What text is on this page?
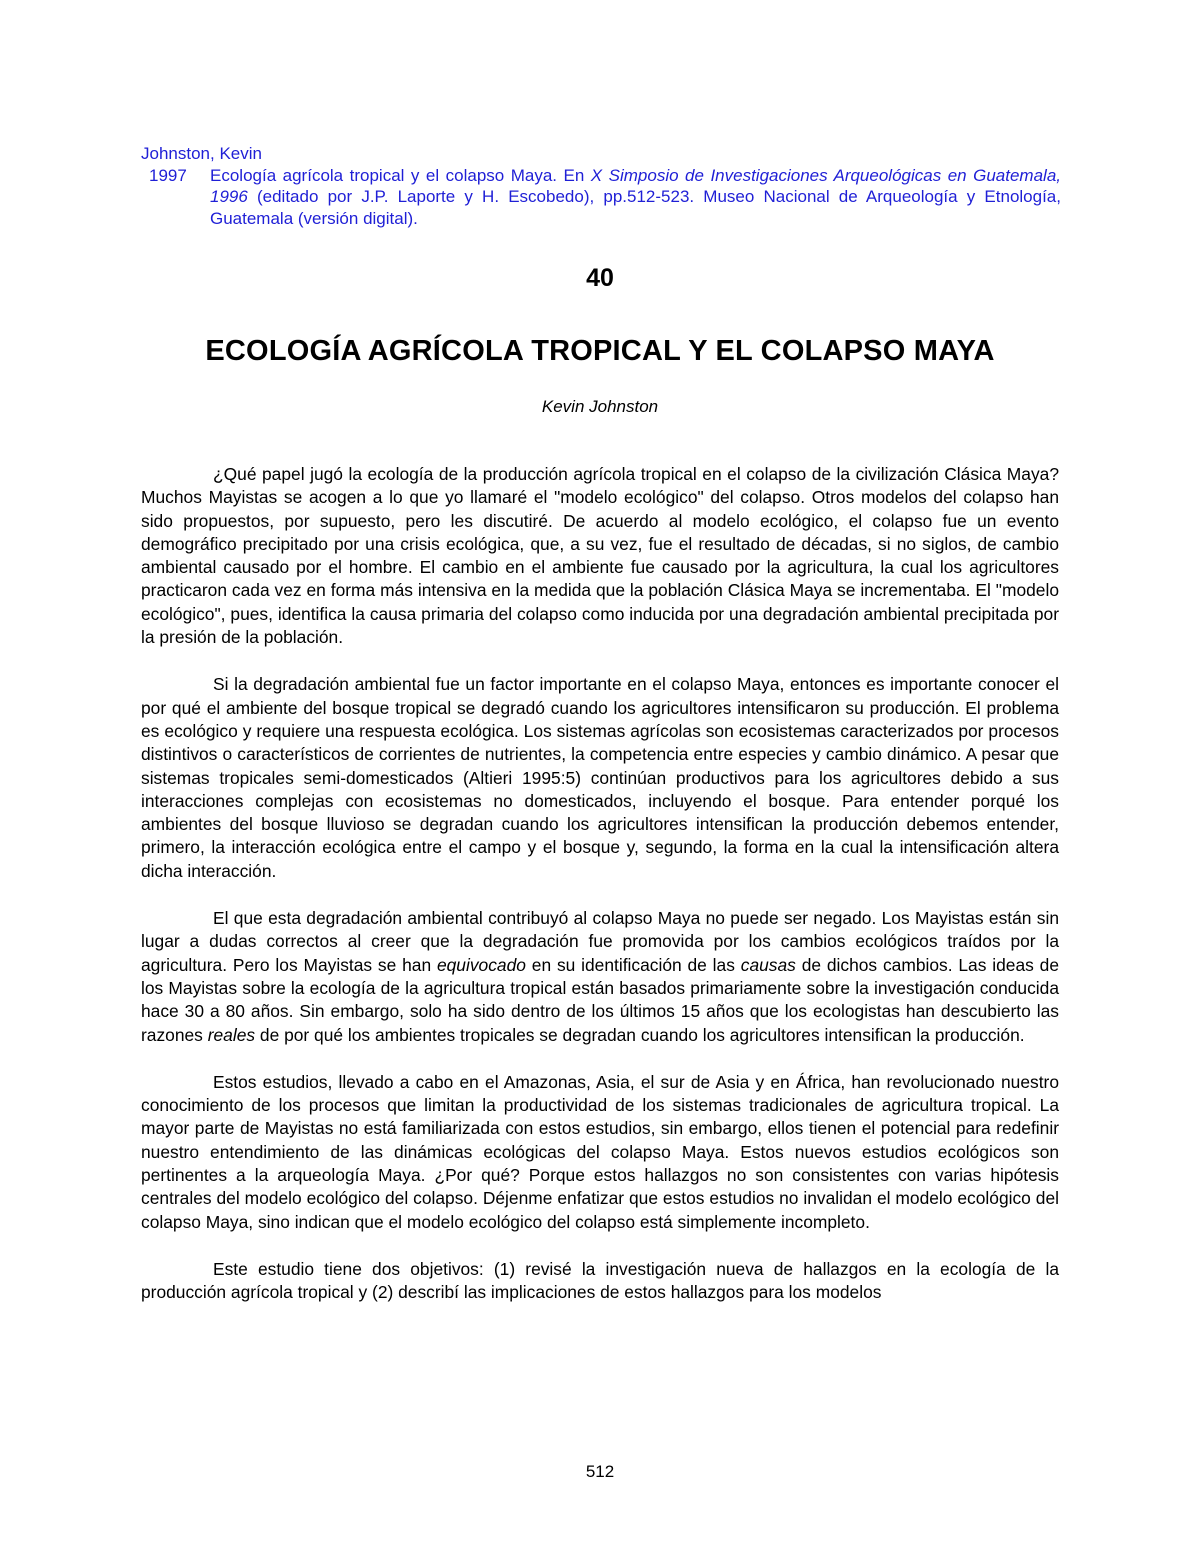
Johnston, Kevin
1997 Ecología agrícola tropical y el colapso Maya. En X Simposio de Investigaciones Arqueológicas en Guatemala, 1996 (editado por J.P. Laporte y H. Escobedo), pp.512-523. Museo Nacional de Arqueología y Etnología, Guatemala (versión digital).
40
ECOLOGÍA AGRÍCOLA TROPICAL Y EL COLAPSO MAYA
Kevin Johnston

¿Qué papel jugó la ecología de la producción agrícola tropical en el colapso de la civilización Clásica Maya? Muchos Mayistas se acogen a lo que yo llamaré el "modelo ecológico" del colapso. Otros modelos del colapso han sido propuestos, por supuesto, pero les discutiré. De acuerdo al modelo ecológico, el colapso fue un evento demográfico precipitado por una crisis ecológica, que, a su vez, fue el resultado de décadas, si no siglos, de cambio ambiental causado por el hombre. El cambio en el ambiente fue causado por la agricultura, la cual los agricultores practicaron cada vez en forma más intensiva en la medida que la población Clásica Maya se incrementaba. El "modelo ecológico", pues, identifica la causa primaria del colapso como inducida por una degradación ambiental precipitada por la presión de la población.

Si la degradación ambiental fue un factor importante en el colapso Maya, entonces es importante conocer el por qué el ambiente del bosque tropical se degradó cuando los agricultores intensificaron su producción. El problema es ecológico y requiere una respuesta ecológica. Los sistemas agrícolas son ecosistemas caracterizados por procesos distintivos o característicos de corrientes de nutrientes, la competencia entre especies y cambio dinámico. A pesar que sistemas tropicales semi-domesticados (Altieri 1995:5) continúan productivos para los agricultores debido a sus interacciones complejas con ecosistemas no domesticados, incluyendo el bosque. Para entender porqué los ambientes del bosque lluvioso se degradan cuando los agricultores intensifican la producción debemos entender, primero, la interacción ecológica entre el campo y el bosque y, segundo, la forma en la cual la intensificación altera dicha interacción.

El que esta degradación ambiental contribuyó al colapso Maya no puede ser negado. Los Mayistas están sin lugar a dudas correctos al creer que la degradación fue promovida por los cambios ecológicos traídos por la agricultura. Pero los Mayistas se han equivocado en su identificación de las causas de dichos cambios. Las ideas de los Mayistas sobre la ecología de la agricultura tropical están basados primariamente sobre la investigación conducida hace 30 a 80 años. Sin embargo, solo ha sido dentro de los últimos 15 años que los ecologistas han descubierto las razones reales de por qué los ambientes tropicales se degradan cuando los agricultores intensifican la producción.

Estos estudios, llevado a cabo en el Amazonas, Asia, el sur de Asia y en África, han revolucionado nuestro conocimiento de los procesos que limitan la productividad de los sistemas tradicionales de agricultura tropical. La mayor parte de Mayistas no está familiarizada con estos estudios, sin embargo, ellos tienen el potencial para redefinir nuestro entendimiento de las dinámicas ecológicas del colapso Maya. Estos nuevos estudios ecológicos son pertinentes a la arqueología Maya. ¿Por qué? Porque estos hallazgos no son consistentes con varias hipótesis centrales del modelo ecológico del colapso. Déjenme enfatizar que estos estudios no invalidan el modelo ecológico del colapso Maya, sino indican que el modelo ecológico del colapso está simplemente incompleto.

Este estudio tiene dos objetivos: (1) revisé la investigación nueva de hallazgos en la ecología de la producción agrícola tropical y (2) describí las implicaciones de estos hallazgos para los modelos

512
